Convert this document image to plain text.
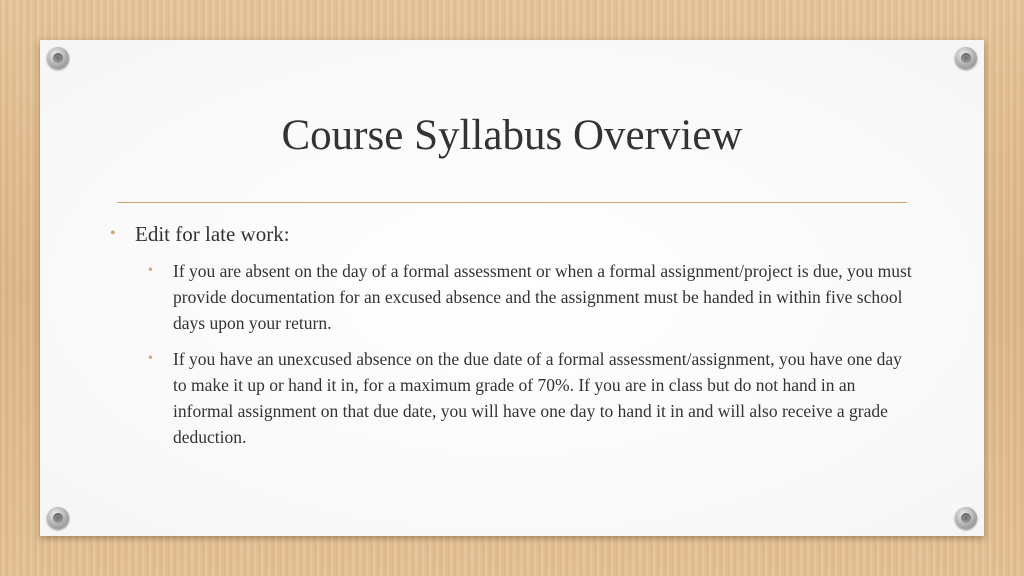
Course Syllabus Overview
• Edit for late work:
• If you are absent on the day of a formal assessment or when a formal assignment/project is due, you must provide documentation for an excused absence and the assignment must be handed in within five school days upon your return.
• If you have an unexcused absence on the due date of a formal assessment/assignment, you have one day to make it up or hand it in, for a maximum grade of 70%. If you are in class but do not hand in an informal assignment on that due date, you will have one day to hand it in and will also receive a grade deduction.
